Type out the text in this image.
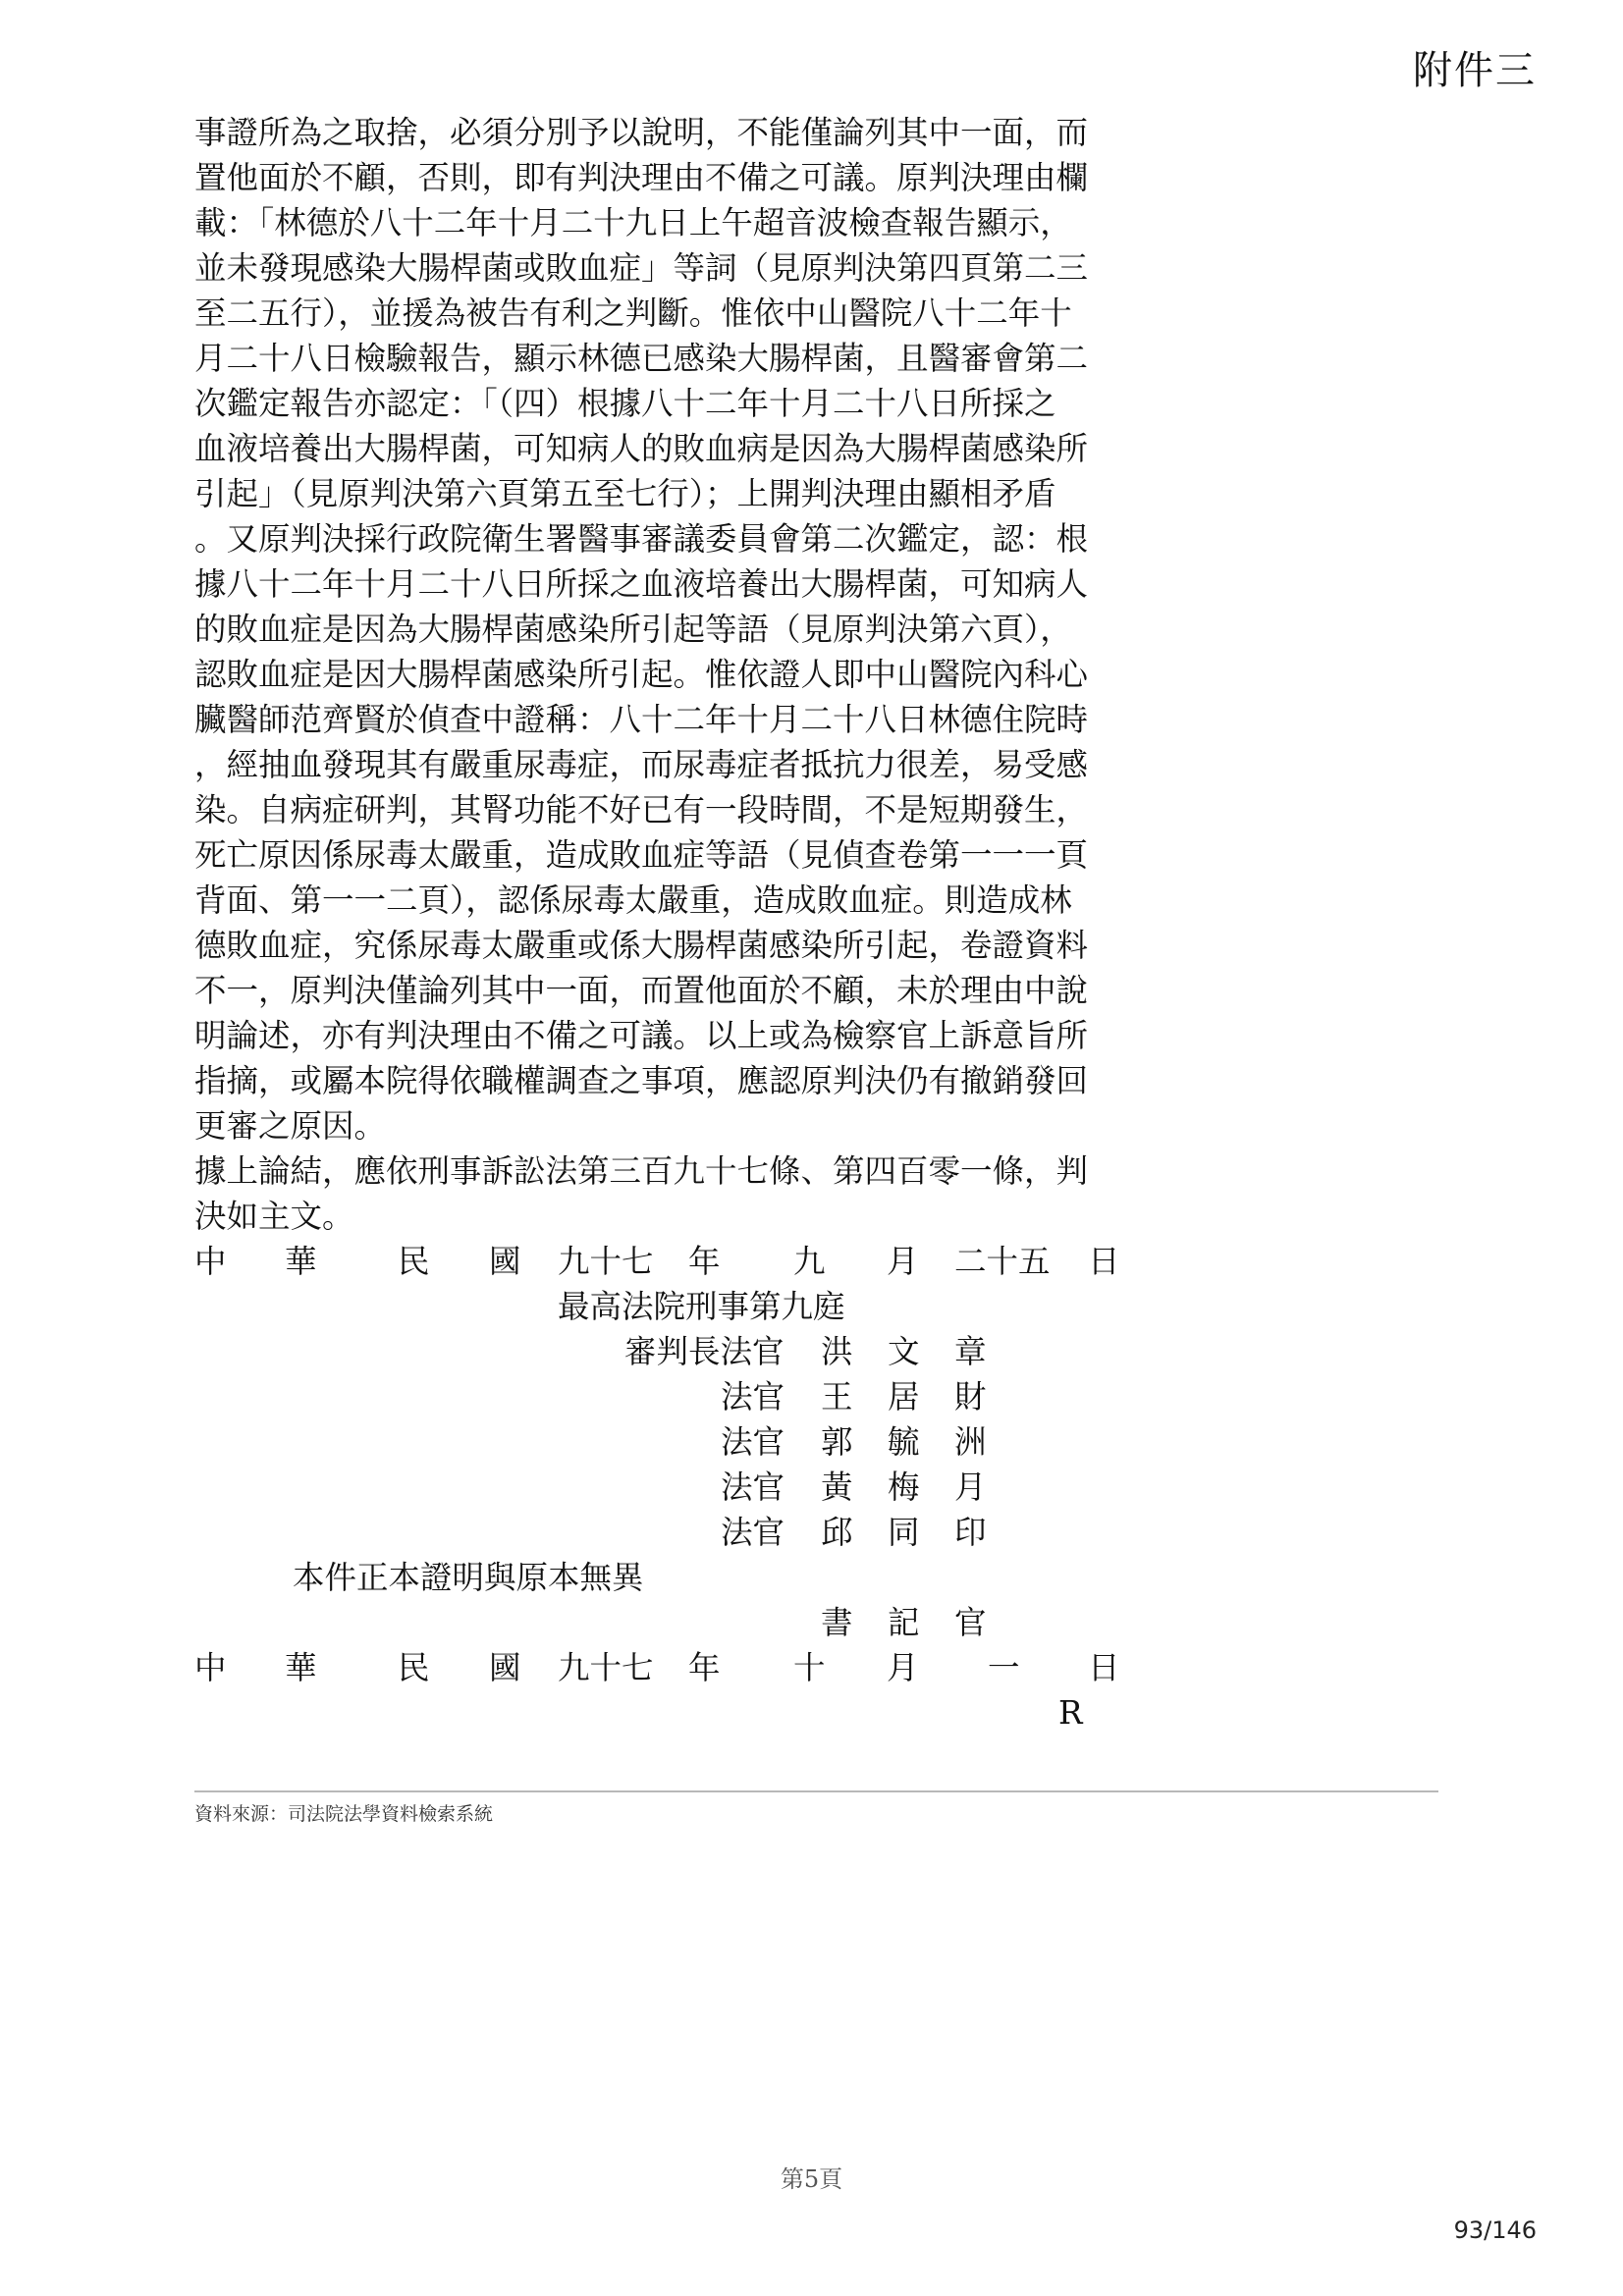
附件三
事證所為之取捨，必須分別予以說明，不能僅論列其中一面，而
置他面於不顧，否則，即有判決理由不備之可議。原判決理由欄
載：「林德於八十二年十月二十九日上午超音波檢查報告顯示，
並未發現感染大腸桿菌或敗血症」等詞（見原判決第四頁第二三
至二五行），並援為被告有利之判斷。惟依中山醫院八十二年十
月二十八日檢驗報告，顯示林德已感染大腸桿菌，且醫審會第二
次鑑定報告亦認定：「（四）根據八十二年十月二十八日所採之
血液培養出大腸桿菌，可知病人的敗血病是因為大腸桿菌感染所
引起」（見原判決第六頁第五至七行）；上開判決理由顯相矛盾
。又原判決採行政院衛生署醫事審議委員會第二次鑑定，認：根
據八十二年十月二十八日所採之血液培養出大腸桿菌，可知病人
的敗血症是因為大腸桿菌感染所引起等語（見原判決第六頁），
認敗血症是因大腸桿菌感染所引起。惟依證人即中山醫院內科心
臟醫師范齊賢於偵查中證稱：八十二年十月二十八日林德住院時
，經抽血發現其有嚴重尿毒症，而尿毒症者抵抗力很差，易受感
染。自病症研判，其腎功能不好已有一段時間，不是短期發生，
死亡原因係尿毒太嚴重，造成敗血症等語（見偵查卷第一一一頁
背面、第一一二頁），認係尿毒太嚴重，造成敗血症。則造成林
德敗血症，究係尿毒太嚴重或係大腸桿菌感染所引起，卷證資料
不一，原判決僅論列其中一面，而置他面於不顧，未於理由中說
明論述，亦有判決理由不備之可議。以上或為檢察官上訴意旨所
指摘，或屬本院得依職權調查之事項，應認原判決仍有撤銷發回
更審之原因。
據上論結，應依刑事訴訟法第三百九十七條、第四百零一條，判
決如主文。
中 華	民 國 九十七 年 九 月 二十五 日
最高法院刑事第九庭
審判長法官 洪 文 章
法官 王 居 財
法官 郭 毓 洲
法官 黃 梅 月
法官 邱 同 印
本件正本證明與原本無異
書 記 官
中 華	民 國 九十七 年 十 月 一 日
R
資料來源：司法院法學資料檢索系統
第5頁
93/146
